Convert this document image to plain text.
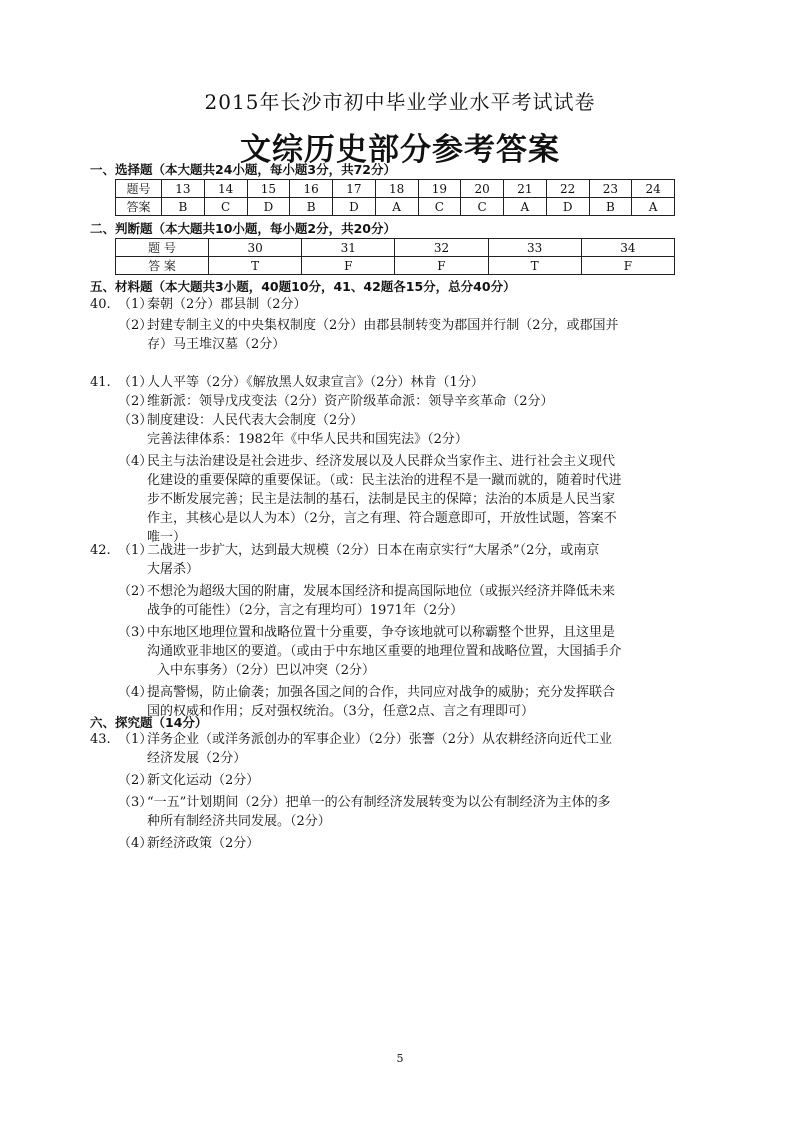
2015年长沙市初中毕业学业水平考试试卷
文综历史部分参考答案
一、选择题（本大题共24小题，每小题3分，共72分）
题号	13	14	15	16	17	18	19	20	21	22	23	24
答案	B	C	D	B	D	A	C	C	A	D	B	A
二、判断题（本大题共10小题，每小题2分，共20分）
题 号	30	31	32	33	34
答 案	T	F	F	T	F
五、材料题（本大题共3小题，40题10分，41、42题各15分，总分40分）
40. （1）
秦朝（2分）郡县制（2分）
（2）
封建专制主义的中央集权制度（2分）由郡县制转变为郡国并行制（2分，或郡国并
存）马王堆汉墓（2分）
41. （1）
人人平等（2分）《解放黑人奴隶宣言》（2分）林肯（1分）
（2）
维新派：领导戊戌变法（2分）资产阶级革命派：领导辛亥革命（2分）
（3）
制度建设：人民代表大会制度（2分）
完善法律体系：1982年《中华人民共和国宪法》（2分）
（4）
民主与法治建设是社会进步、经济发展以及人民群众当家作主、进行社会主义现代
化建设的重要保障的重要保证。（或：民主法治的进程不是一蹴而就的，随着时代进
步不断发展完善；民主是法制的基石，法制是民主的保障；法治的本质是人民当家
作主，其核心是以人为本）（2分，言之有理、符合题意即可，开放性试题，答案不
唯一）
42. （1）
二战进一步扩大，达到最大规模（2分）日本在南京实行“大屠杀”（2分，或南京
大屠杀）
（2）
不想沦为超级大国的附庸，发展本国经济和提高国际地位（或振兴经济并降低未来
战争的可能性）（2分，言之有理均可）1971年（2分）
（3）
中东地区地理位置和战略位置十分重要，争夺该地就可以称霸整个世界，且这里是
沟通欧亚非地区的要道。（或由于中东地区重要的地理位置和战略位置，大国插手介
入中东事务）（2分）巴以冲突（2分）
（4）
提高警惕，防止偷袭；加强各国之间的合作，共同应对战争的威胁；充分发挥联合
国的权威和作用；反对强权统治。（3分，任意2点、言之有理即可）
六、探究题（14分）
43. （1）
洋务企业（或洋务派创办的军事企业）（2分）张謇（2分）从农耕经济向近代工业
经济发展（2分）
（2）
新文化运动（2分）
（3）
“一五”计划期间（2分）把单一的公有制经济发展转变为以公有制经济为主体的多
种所有制经济共同发展。（2分）
（4）
新经济政策（2分）
5
